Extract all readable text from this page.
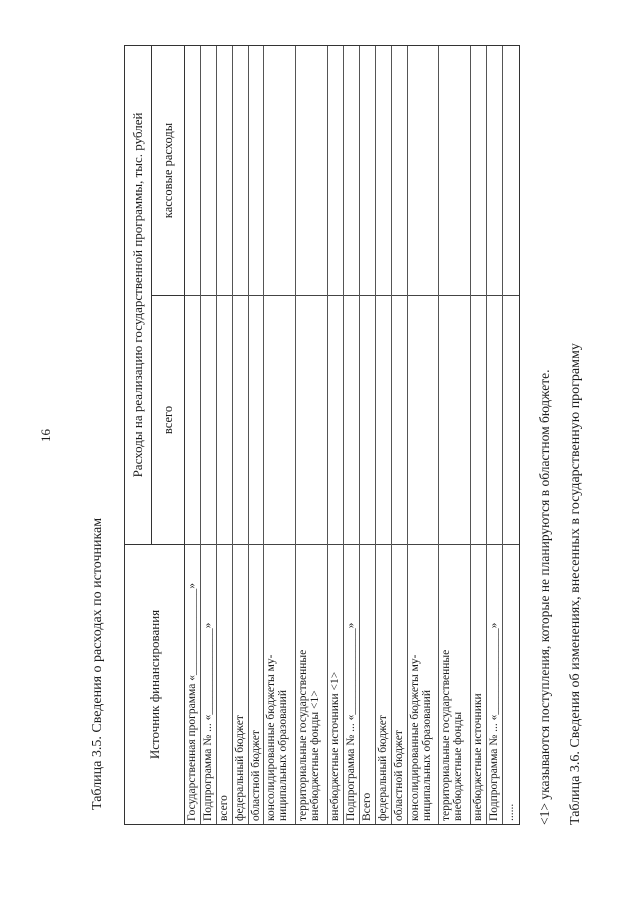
16
Таблица 3.5. Сведения о расходах по источникам	Источник финансирования
Расходы на реализацию государственной программы, тыс. рублей	всего
кассовые расходы
Государственная программа «_______________» Подпрограмма № ... «_______________» всего федеральный бюджет областной бюджет консолидированные бюджеты му-
ниципальных образований
территориальные государственные
внебюджетные фонды <1> внебюджетные источники <1> Подпрограмма № ... «_______________» Всего федеральный бюджет областной бюджет консолидированные бюджеты му-
ниципальных образований
территориальные государственные
внебюджетные фонды внебюджетные источники Подпрограмма № ... «_______________» ...... <1> указываются поступления, которые не планируются в областном бюджете. Таблица 3.6. Сведения об изменениях, внесенных в государственную программу
